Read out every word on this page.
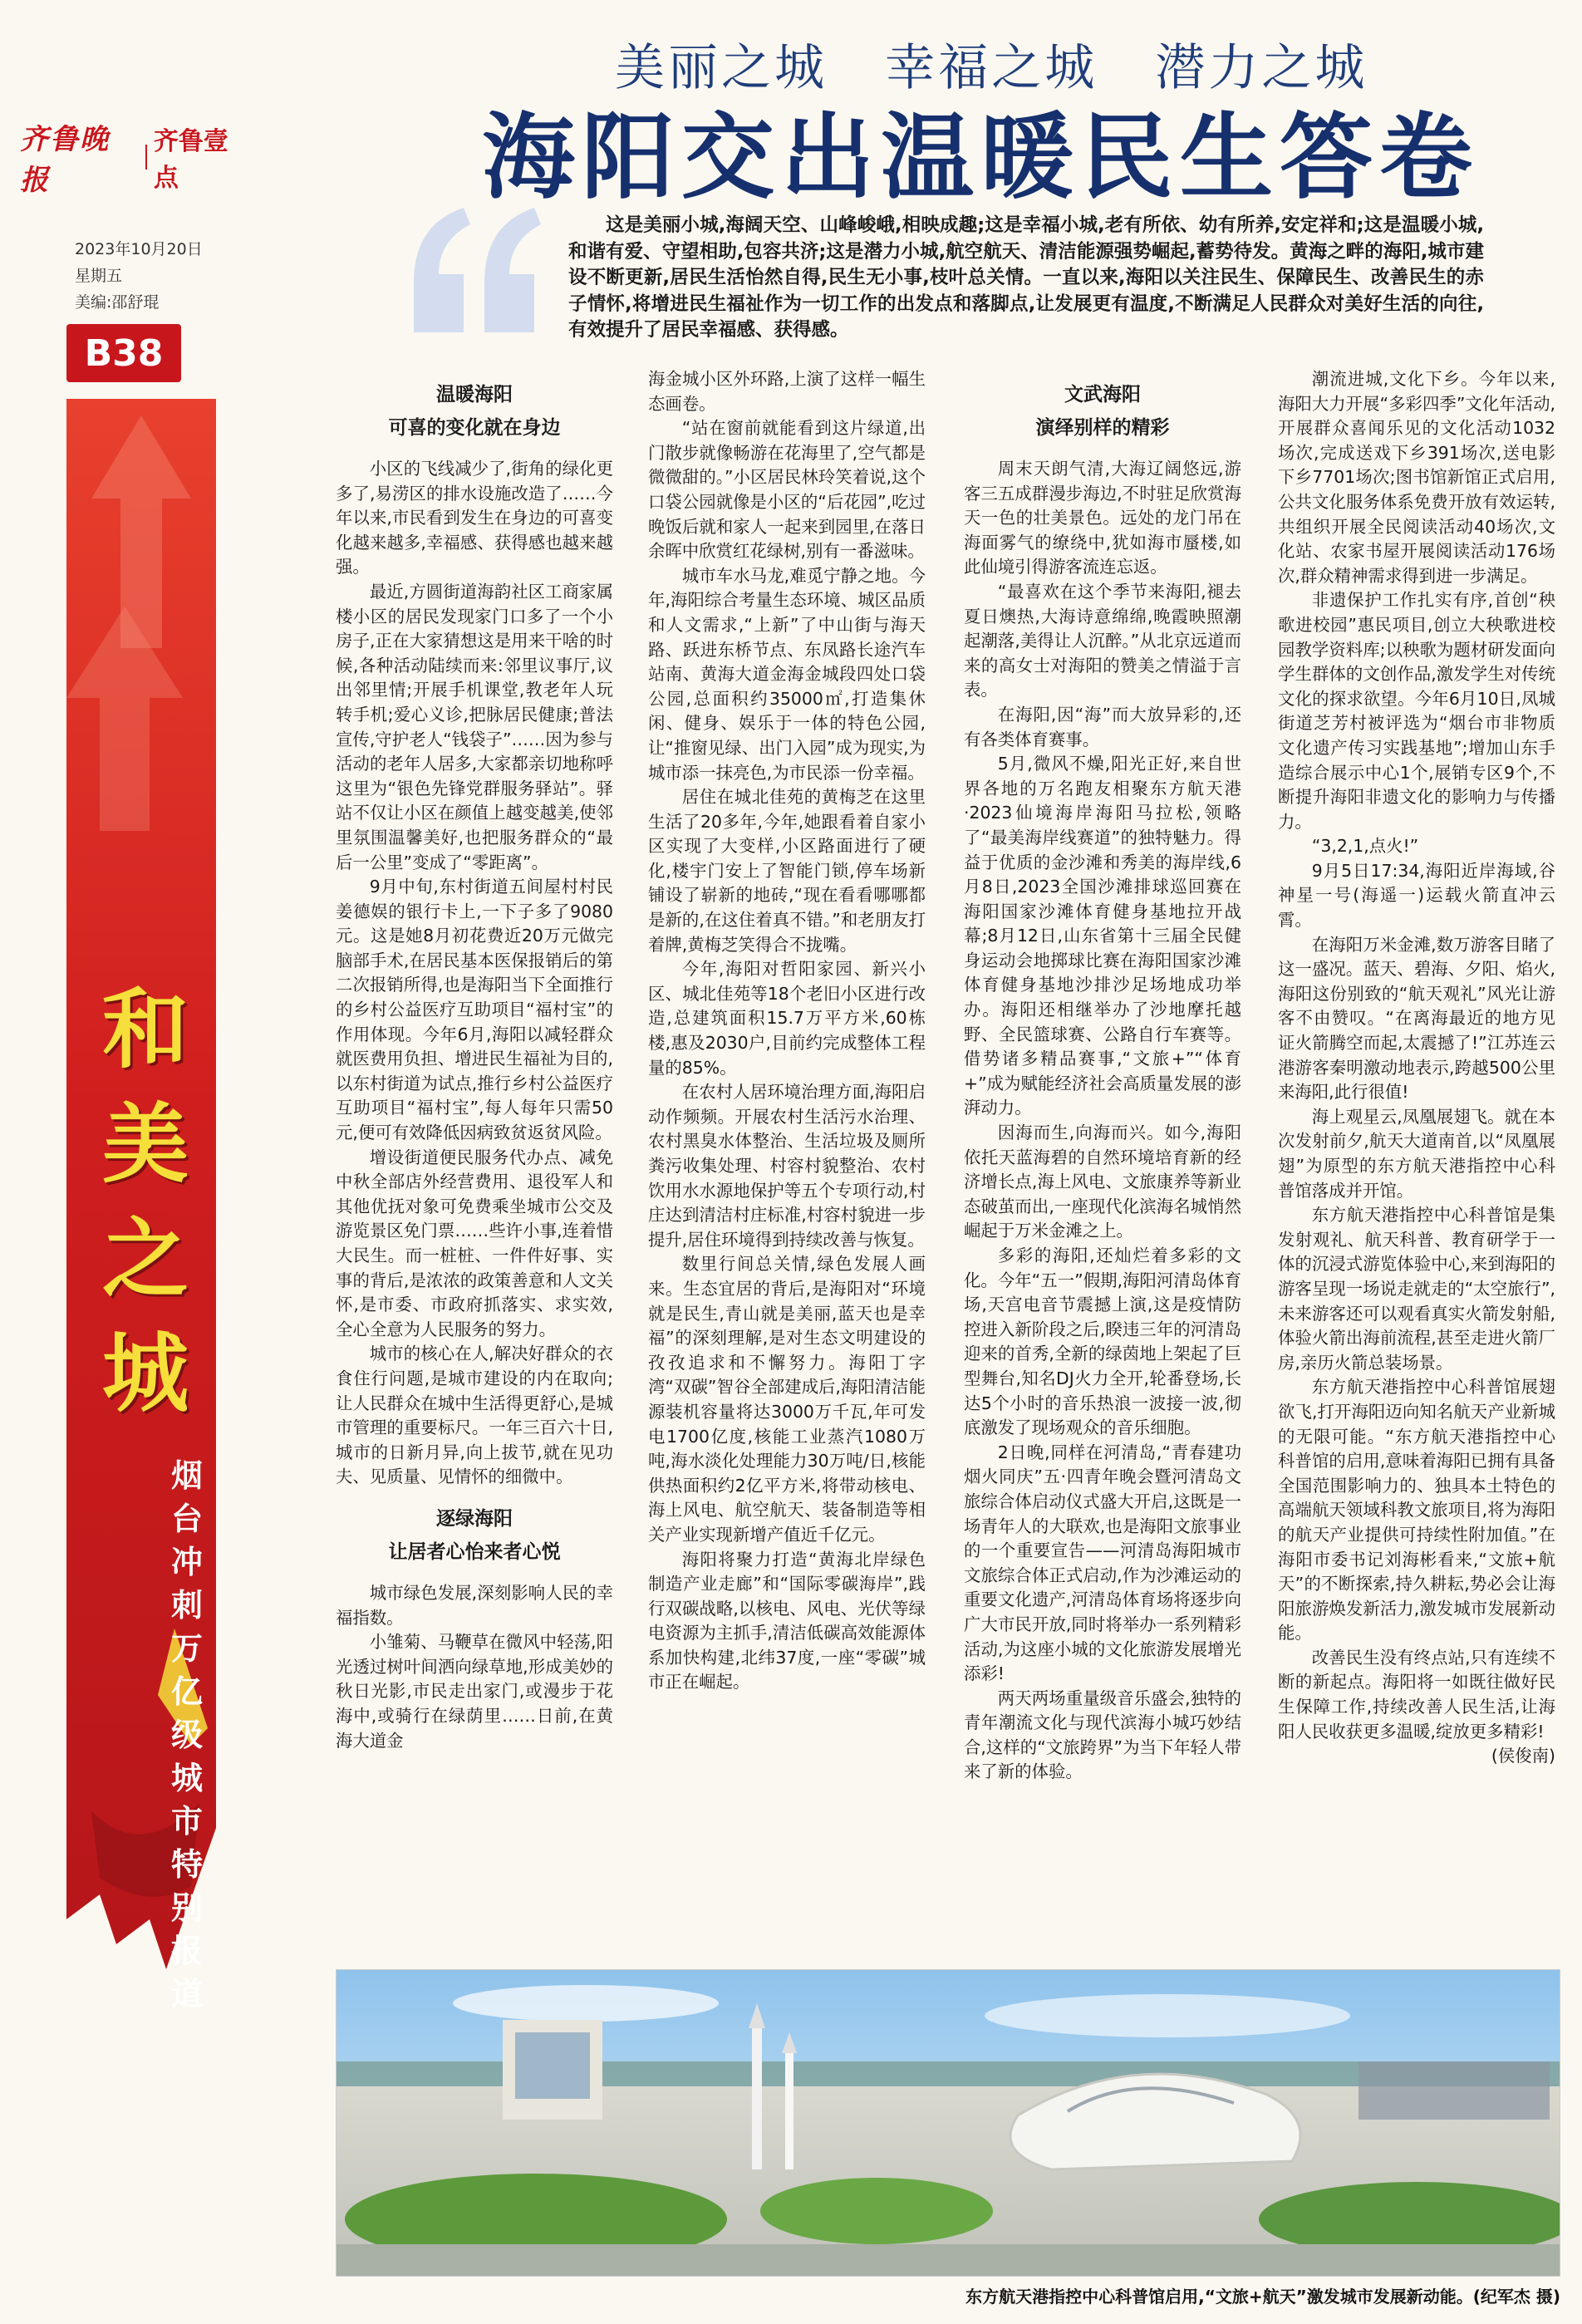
齐鲁晚报
齐鲁壹点
2023年10月20日
星期五
美编:邵舒琨
B38
和美之城
烟台冲刺万亿级城市特别报道
美丽之城   幸福之城   潜力之城
海阳交出温暖民生答卷
这是美丽小城,海阔天空、山峰峻峨,相映成趣;这是幸福小城,老有所依、幼有所养,安定祥和;这是温暖小城,和谐有爱、守望相助,包容共济;这是潜力小城,航空航天、清洁能源强势崛起,蓄势待发。黄海之畔的海阳,城市建设不断更新,居民生活怡然自得,民生无小事,枝叶总关情。一直以来,海阳以关注民生、保障民生、改善民生的赤子情怀,将增进民生福祉作为一切工作的出发点和落脚点,让发展更有温度,不断满足人民群众对美好生活的向往,有效提升了居民幸福感、获得感。
温暖海阳
可喜的变化就在身边

小区的飞线减少了,街角的绿化更多了,易涝区的排水设施改造了……今年以来,市民看到发生在身边的可喜变化越来越多,幸福感、获得感也越来越强。

最近,方圆街道海韵社区工商家属楼小区的居民发现家门口多了一个小房子,正在大家猜想这是用来干啥的时候,各种活动陆续而来:邻里议事厅,议出邻里情;开展手机课堂,教老年人玩转手机;爱心义诊,把脉居民健康;普法宣传,守护老人“钱袋子”……因为参与活动的老年人居多,大家都亲切地称呼这里为“银色先锋党群服务驿站”。驿站不仅让小区在颜值上越变越美,使邻里氛围温馨美好,也把服务群众的“最后一公里”变成了“零距离”。

9月中旬,东村街道五间屋村村民姜德娱的银行卡上,一下子多了9080元。这是她8月初花费近20万元做完脑部手术,在居民基本医保报销后的第二次报销所得,也是海阳当下全面推行的乡村公益医疗互助项目“福村宝”的作用体现。今年6月,海阳以减轻群众就医费用负担、增进民生福祉为目的,以东村街道为试点,推行乡村公益医疗互助项目“福村宝”,每人每年只需50元,便可有效降低因病致贫返贫风险。

增设街道便民服务代办点、减免中秋全部店外经营费用、退役军人和其他优抚对象可免费乘坐城市公交及游览景区免门票……些许小事,连着惜大民生。而一桩桩、一件件好事、实事的背后,是浓浓的政策善意和人文关怀,是市委、市政府抓落实、求实效,全心全意为人民服务的努力。

城市的核心在人,解决好群众的衣食住行问题,是城市建设的内在取向;让人民群众在城中生活得更舒心,是城市管理的重要标尺。一年三百六十日,城市的日新月异,向上拔节,就在见功夫、见质量、见情怀的细微中。

逐绿海阳
让居者心怡来者心悦

城市绿色发展,深刻影响人民的幸福指数。

小雏菊、马鞭草在微风中轻荡,阳光透过树叶间洒向绿草地,形成美妙的秋日光影,市民走出家门,或漫步于花海中,或骑行在绿荫里……日前,在黄海大道金

海金城小区外环路,上演了这样一幅生态画卷。

“站在窗前就能看到这片绿道,出门散步就像畅游在花海里了,空气都是微微甜的。”小区居民林玲笑着说,这个口袋公园就像是小区的“后花园”,吃过晚饭后就和家人一起来到园里,在落日余晖中欣赏红花绿树,别有一番滋味。

城市车水马龙,难觅宁静之地。今年,海阳综合考量生态环境、城区品质和人文需求,“上新”了中山街与海天路、跃进东桥节点、东凤路长途汽车站南、黄海大道金海金城段四处口袋公园,总面积约35000㎡,打造集休闲、健身、娱乐于一体的特色公园,让“推窗见绿、出门入园”成为现实,为城市添一抹亮色,为市民添一份幸福。

居住在城北佳苑的黄梅芝在这里生活了20多年,今年,她跟看着自家小区实现了大变样,小区路面进行了硬化,楼宇门安上了智能门锁,停车场新铺设了崭新的地砖,“现在看看哪哪都是新的,在这住着真不错。”和老朋友打着牌,黄梅芝笑得合不拢嘴。

今年,海阳对哲阳家园、新兴小区、城北佳苑等18个老旧小区进行改造,总建筑面积15.7万平方米,60栋楼,惠及2030户,目前约完成整体工程量的85%。

在农村人居环境治理方面,海阳启动作频频。开展农村生活污水治理、农村黑臭水体整治、生活垃圾及厕所粪污收集处理、村容村貌整治、农村饮用水水源地保护等五个专项行动,村庄达到清洁村庄标准,村容村貌进一步提升,居住环境得到持续改善与恢复。

数里行间总关情,绿色发展人画来。生态宜居的背后,是海阳对“环境就是民生,青山就是美丽,蓝天也是幸福”的深刻理解,是对生态文明建设的孜孜追求和不懈努力。海阳丁字湾“双碳”智谷全部建成后,海阳清洁能源装机容量将达3000万千瓦,年可发电1700亿度,核能工业蒸汽1080万吨,海水淡化处理能力30万吨/日,核能供热面积约2亿平方米,将带动核电、海上风电、航空航天、装备制造等相关产业实现新增产值近千亿元。

海阳将聚力打造“黄海北岸绿色制造产业走廊”和“国际零碳海岸”,践行双碳战略,以核电、风电、光伏等绿电资源为主抓手,清洁低碳高效能源体系加快构建,北纬37度,一座“零碳”城市正在崛起。

文武海阳
演绎别样的精彩

周末天朗气清,大海辽阔悠远,游客三五成群漫步海边,不时驻足欣赏海天一色的壮美景色。远处的龙门吊在海面雾气的缭绕中,犹如海市蜃楼,如此仙境引得游客流连忘返。

“最喜欢在这个季节来海阳,褪去夏日燠热,大海诗意绵绵,晚霞映照潮起潮落,美得让人沉醉。”从北京远道而来的高女士对海阳的赞美之情溢于言表。

在海阳,因“海”而大放异彩的,还有各类体育赛事。

5月,微风不燥,阳光正好,来自世界各地的万名跑友相聚东方航天港·2023仙境海岸海阳马拉松,领略了“最美海岸线赛道”的独特魅力。得益于优质的金沙滩和秀美的海岸线,6月8日,2023全国沙滩排球巡回赛在海阳国家沙滩体育健身基地拉开战幕;8月12日,山东省第十三届全民健身运动会地掷球比赛在海阳国家沙滩体育健身基地沙排沙足场地成功举办。海阳还相继举办了沙地摩托越野、全民篮球赛、公路自行车赛等。借势诸多精品赛事,“文旅+”“体育+”成为赋能经济社会高质量发展的澎湃动力。

因海而生,向海而兴。如今,海阳依托天蓝海碧的自然环境培育新的经济增长点,海上风电、文旅康养等新业态破茧而出,一座现代化滨海名城悄然崛起于万米金滩之上。

多彩的海阳,还灿烂着多彩的文化。今年“五一”假期,海阳河清岛体育场,天宫电音节震撼上演,这是疫情防控进入新阶段之后,睽违三年的河清岛迎来的首秀,全新的绿茵地上架起了巨型舞台,知名DJ火力全开,轮番登场,长达5个小时的音乐热浪一波接一波,彻底激发了现场观众的音乐细胞。

2日晚,同样在河清岛,“青春建功 烟火同庆”五·四青年晚会暨河清岛文旅综合体启动仪式盛大开启,这既是一场青年人的大联欢,也是海阳文旅事业的一个重要宣告——河清岛海阳城市文旅综合体正式启动,作为沙滩运动的重要文化遗产,河清岛体育场将逐步向广大市民开放,同时将举办一系列精彩活动,为这座小城的文化旅游发展增光添彩!

两天两场重量级音乐盛会,独特的青年潮流文化与现代滨海小城巧妙结合,这样的“文旅跨界”为当下年轻人带来了新的体验。

潮流进城,文化下乡。今年以来,海阳大力开展“多彩四季”文化年活动,开展群众喜闻乐见的文化活动1032场次,完成送戏下乡391场次,送电影下乡7701场次;图书馆新馆正式启用,公共文化服务体系免费开放有效运转,共组织开展全民阅读活动40场次,文化站、农家书屋开展阅读活动176场次,群众精神需求得到进一步满足。

非遗保护工作扎实有序,首创“秧歌进校园”惠民项目,创立大秧歌进校园教学资料库;以秧歌为题材研发面向学生群体的文创作品,激发学生对传统文化的探求欲望。今年6月10日,凤城街道芝芳村被评选为“烟台市非物质文化遗产传习实践基地”;增加山东手造综合展示中心1个,展销专区9个,不断提升海阳非遗文化的影响力与传播力。

“3,2,1,点火!”

9月5日17:34,海阳近岸海域,谷神星一号(海遥一)运载火箭直冲云霄。

在海阳万米金滩,数万游客目睹了这一盛况。蓝天、碧海、夕阳、焰火,海阳这份别致的“航天观礼”风光让游客不由赞叹。“在离海最近的地方见证火箭腾空而起,太震撼了!”江苏连云港游客秦明激动地表示,跨越500公里来海阳,此行很值!

海上观星云,凤凰展翅飞。就在本次发射前夕,航天大道南首,以“凤凰展翅”为原型的东方航天港指控中心科普馆落成并开馆。

东方航天港指控中心科普馆是集发射观礼、航天科普、教育研学于一体的沉浸式游览体验中心,来到海阳的游客呈现一场说走就走的“太空旅行”,未来游客还可以观看真实火箭发射船,体验火箭出海前流程,甚至走进火箭厂房,亲历火箭总装场景。

东方航天港指控中心科普馆展翅欲飞,打开海阳迈向知名航天产业新城的无限可能。“东方航天港指控中心科普馆的启用,意味着海阳已拥有具备全国范围影响力的、独具本土特色的高端航天领域科教文旅项目,将为海阳的航天产业提供可持续性附加值。”在海阳市委书记刘海彬看来,“文旅+航天”的不断探索,持久耕耘,势必会让海阳旅游焕发新活力,激发城市发展新动能。

改善民生没有终点站,只有连续不断的新起点。海阳将一如既往做好民生保障工作,持续改善人民生活,让海阳人民收获更多温暖,绽放更多精彩!

(侯俊南)
东方航天港指控中心科普馆启用,“文旅+航天”激发城市发展新动能。(纪军杰 摄)
